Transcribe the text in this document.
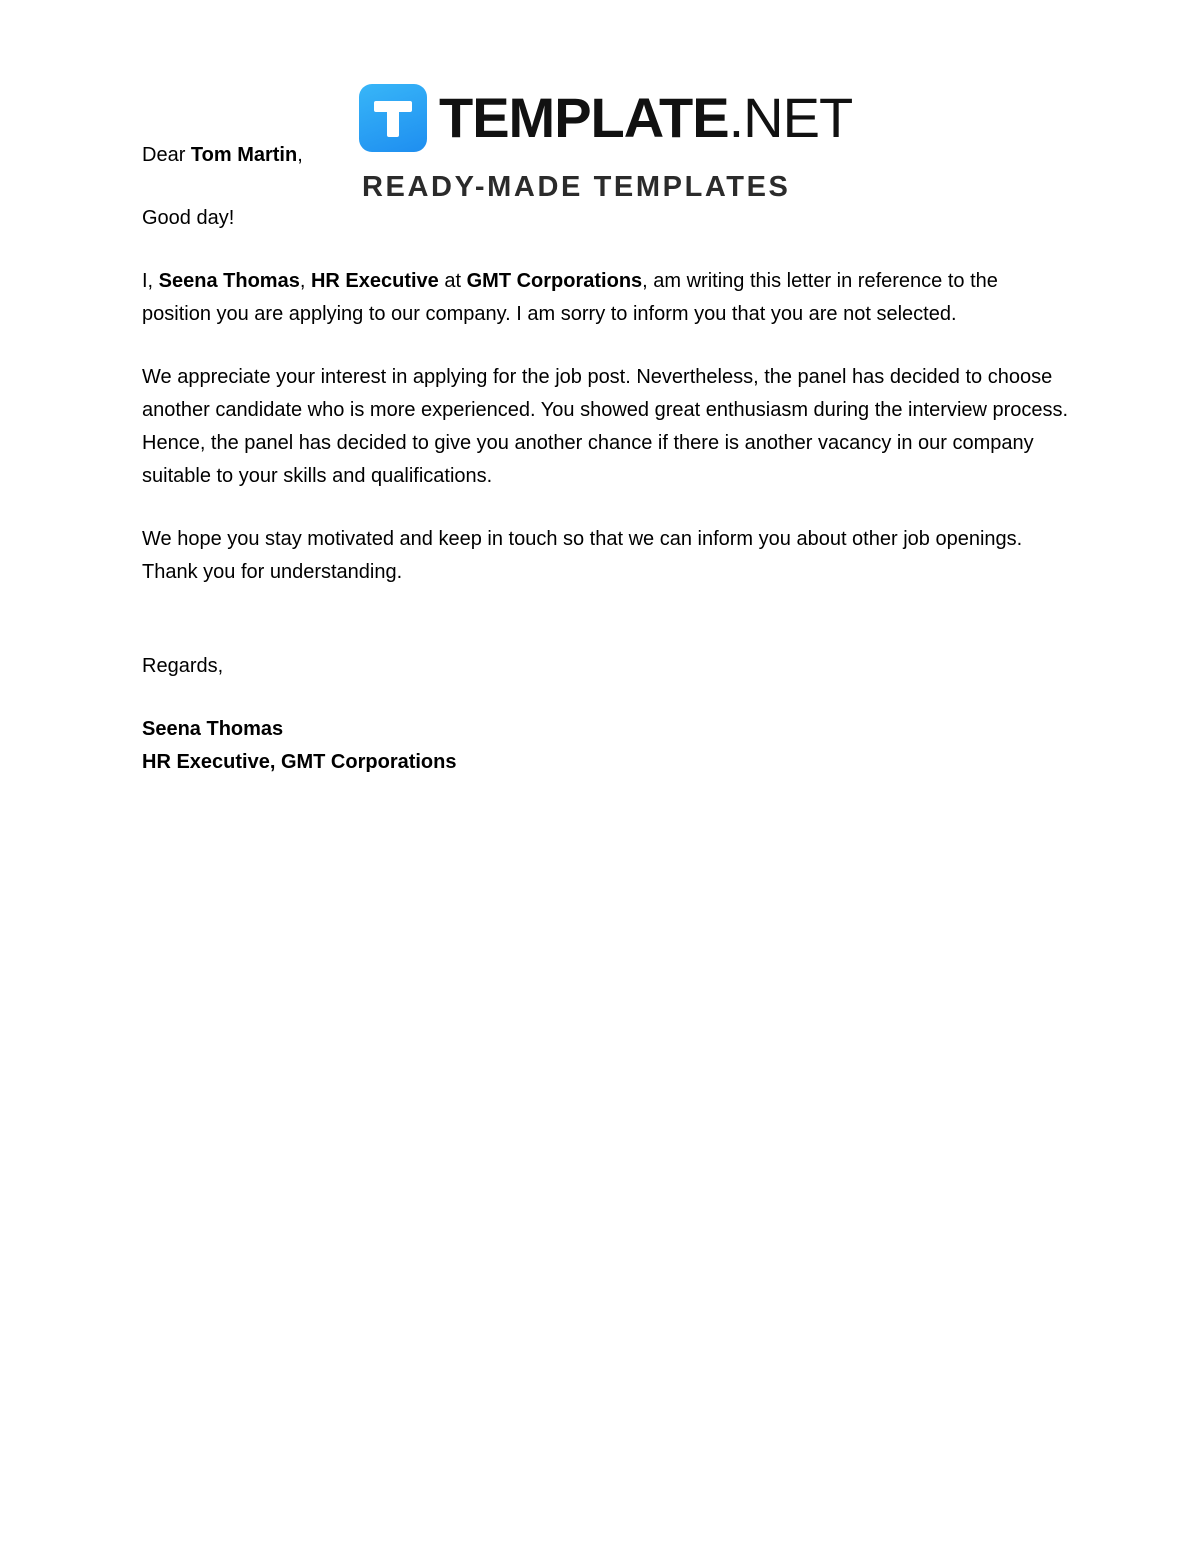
TEMPLATE.NET
READY-MADE TEMPLATES

Dear Tom Martin,

Good day!

I, Seena Thomas, HR Executive at GMT Corporations, am writing this letter in reference to the position you are applying to our company. I am sorry to inform you that you are not selected.

We appreciate your interest in applying for the job post. Nevertheless, the panel has decided to choose another candidate who is more experienced. You showed great enthusiasm during the interview process. Hence, the panel has decided to give you another chance if there is another vacancy in our company suitable to your skills and qualifications.

We hope you stay motivated and keep in touch so that we can inform you about other job openings. Thank you for understanding.

Regards,

Seena Thomas

HR Executive, GMT Corporations
